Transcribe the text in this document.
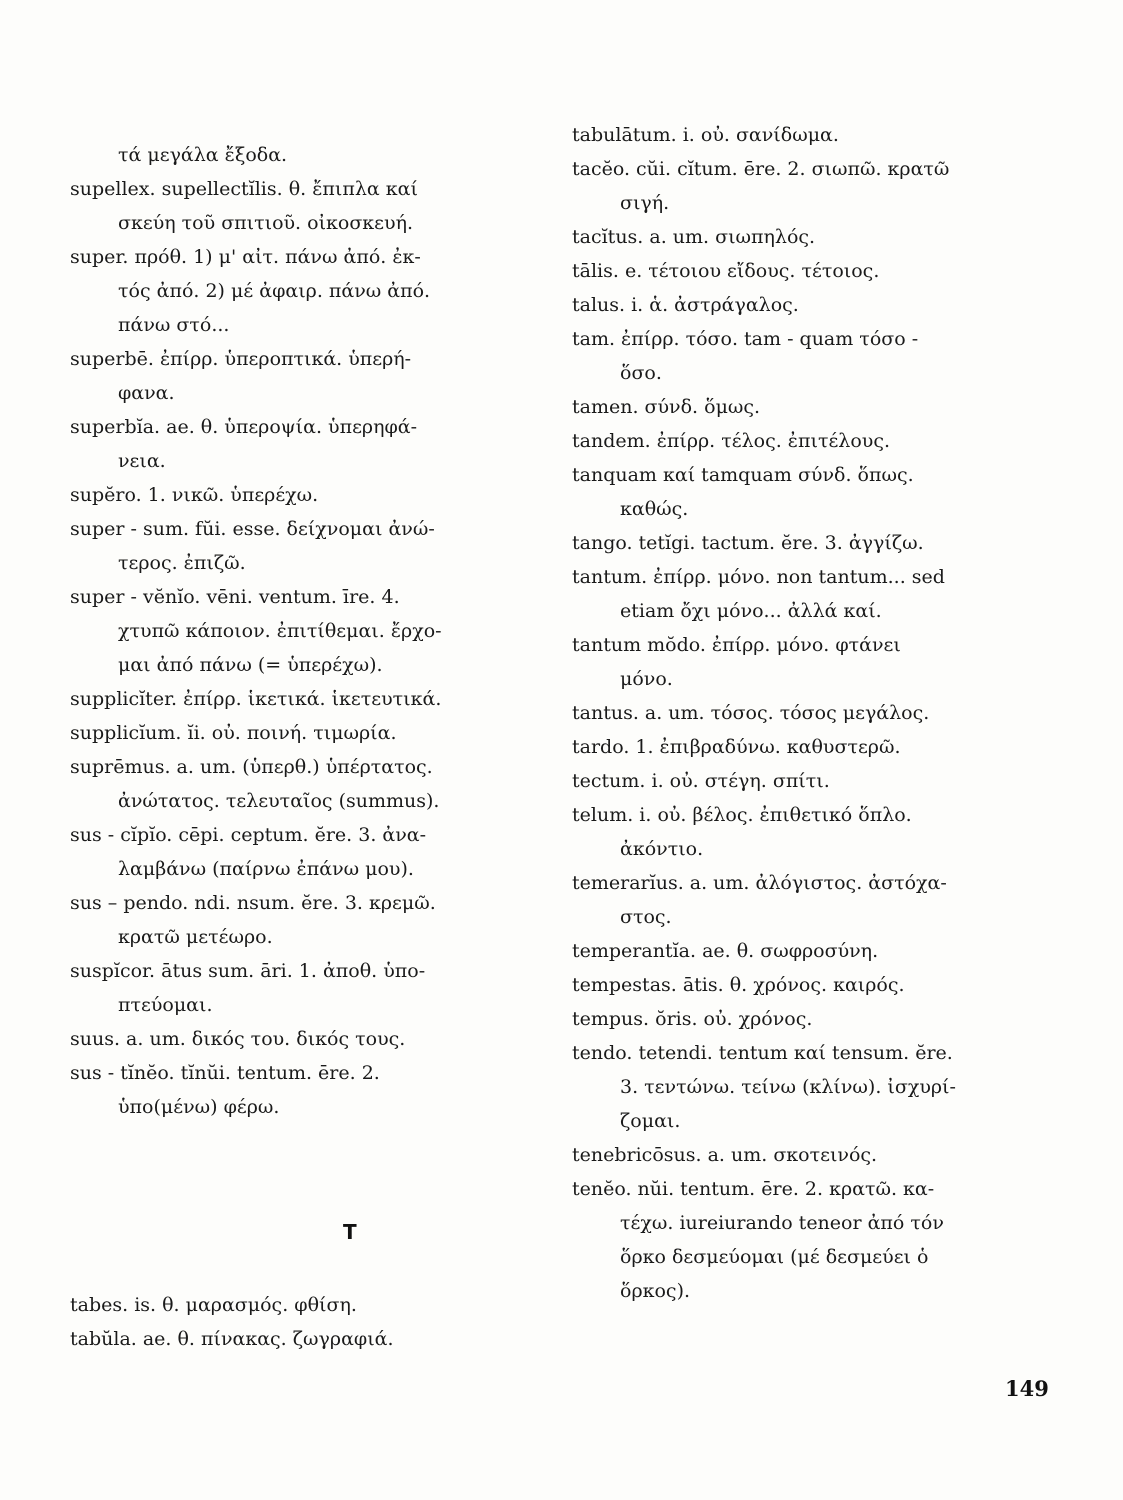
τά μεγάλα ἔξοδα.
supellex. supellectĭlis. θ. ἔπιπλα καί
σκεύη τοῦ σπιτιοῦ. οἰκοσκευή.
super. πρόθ. 1) μ' αἰτ. πάνω ἀπό. ἐκ-
τός ἀπό. 2) μέ ἀφαιρ. πάνω ἀπό.
πάνω στό...
superbē. ἐπίρρ. ὑπεροπτικά. ὑπερή-
φανα.
superbĭa. ae. θ. ὑπεροψία. ὑπερηφά-
νεια.
supĕro. 1. νικῶ. ὑπερέχω.
super - sum. fŭi. esse. δείχνομαι ἀνώ-
τερος. ἐπιζῶ.
super - vĕnĭo. vēni. ventum. īre. 4.
χτυπῶ κάποιον. ἐπιτίθεμαι. ἔρχο-
μαι ἀπό πάνω (= ὑπερέχω).
supplicĭter. ἐπίρρ. ἱκετικά. ἱκετευτικά.
supplicĭum. ĭi. οὐ. ποινή. τιμωρία.
suprēmus. a. um. (ὑπερθ.) ὑπέρτατος.
ἀνώτατος. τελευταῖος (summus).
sus - cĭpĭo. cēpi. ceptum. ĕre. 3. ἀνα-
λαμβάνω (παίρνω ἐπάνω μου).
sus – pendo. ndi. nsum. ĕre. 3. κρεμῶ.
κρατῶ μετέωρο.
suspĭcor. ātus sum. āri. 1. ἀποθ. ὑπο-
πτεύομαι.
suus. a. um. δικός του. δικός τους.
sus - tĭnĕo. tĭnŭi. tentum. ēre. 2.
ὑπο(μένω) φέρω.
T
tabes. is. θ. μαρασμός. φθίση.
tabŭla. ae. θ. πίνακας. ζωγραφιά.
tabulātum. i. οὐ. σανίδωμα.
tacĕo. cŭi. cĭtum. ēre. 2. σιωπῶ. κρατῶ
σιγή.
tacĭtus. a. um. σιωπηλός.
tālis. e. τέτοιου εἴδους. τέτοιος.
talus. i. ἁ. ἀστράγαλος.
tam. ἐπίρρ. τόσο. tam - quam τόσο -
ὅσο.
tamen. σύνδ. ὅμως.
tandem. ἐπίρρ. τέλος. ἐπιτέλους.
tanquam καί tamquam σύνδ. ὅπως.
καθώς.
tango. tetĭgi. tactum. ĕre. 3. ἀγγίζω.
tantum. ἐπίρρ. μόνο. non tantum... sed
etiam ὄχι μόνο... ἀλλά καί.
tantum mŏdo. ἐπίρρ. μόνο. φτάνει
μόνο.
tantus. a. um. τόσος. τόσος μεγάλος.
tardo. 1. ἐπιβραδύνω. καθυστερῶ.
tectum. i. οὐ. στέγη. σπίτι.
telum. i. οὐ. βέλος. ἐπιθετικό ὅπλο.
ἀκόντιο.
temerarĭus. a. um. ἀλόγιστος. ἀστόχα-
στος.
temperantĭa. ae. θ. σωφροσύνη.
tempestas. ātis. θ. χρόνος. καιρός.
tempus. ŏris. οὐ. χρόνος.
tendo. tetendi. tentum καί tensum. ĕre.
3. τεντώνω. τείνω (κλίνω). ἰσχυρί-
ζομαι.
tenebricōsus. a. um. σκοτεινός.
tenĕo. nŭi. tentum. ēre. 2. κρατῶ. κα-
τέχω. iureiurando teneor ἀπό τόν
ὅρκο δεσμεύομαι (μέ δεσμεύει ὁ
ὅρκος).
149
